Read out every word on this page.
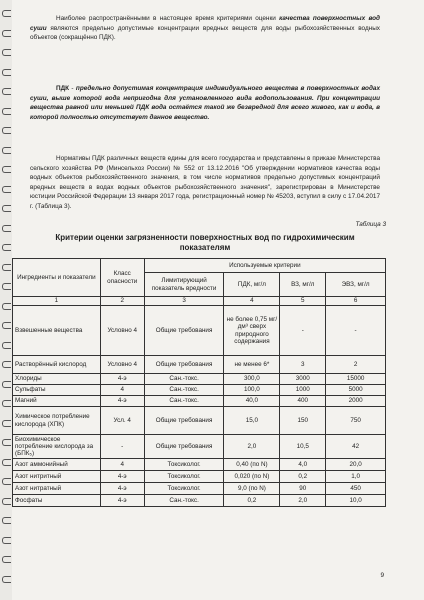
Наиболее распространёнными в настоящее время критериями оценки качества поверхностных вод суши являются предельно допустимые концентрации вредных веществ для воды рыбохозяйственных водных объектов (сокращённо ПДК).
ПДК - предельно допустимая концентрация индивидуального вещества в поверхностных водах суши, выше которой вода непригодна для установленного вида водопользования. При концентрации вещества равной или меньшей ПДК вода остаётся такой же безвредной для всего живого, как и вода, в которой полностью отсутствует данное вещество.
Нормативы ПДК различных веществ едины для всего государства и представлены в приказе Министерства сельского хозяйства РФ (Минсельхоз России) № 552 от 13.12.2016 "Об утверждении нормативов качества воды водных объектов рыбохозяйственного значения, в том числе нормативов предельно допустимых концентраций вредных веществ в водах водных объектов рыбохозяйственного значения", зарегистрирован в Министерстве юстиции Российской Федерации 13 января 2017 года, регистрационный номер № 45203, вступил в силу с 17.04.2017 г. (Таблица 3).
Таблица 3
Критерии оценки загрязненности поверхностных вод по гидрохимическим показателям
Ингредиенты и показатели	Класс опасности	Используемые критерии			
		Лимитирующий показатель вредности	ПДК, мг/л	ВЗ, мг/л	ЭВЗ, мг/л
1	2	3	4	5	6
Взвешенные вещества	Условно 4	Общие требования	не более 0,75 мг/дм³ сверх природного содержания	-	-
Растворённый кислород	Условно 4	Общие требования	не менее 6*	3	2
Хлориды	4-э	Сан.-токс.	300,0	3000	15000
Сульфаты	4	Сан.-токс.	100,0	1000	5000
Магний	4-э	Сан.-токс.	40,0	400	2000
Химическое потребление кислорода (ХПК)	Усл. 4	Общие требования	15,0	150	750
Биохимическое потребление кислорода за (БПК₅)	-	Общие требования	2,0	10,5	42
Азот аммонийный	4	Токсиколог.	0,40 (по N)	4,0	20,0
Азот нитритный	4-э	Токсиколог.	0,020 (по N)	0,2	1,0
Азот нитратный	4-э	Токсиколог.	9,0 (по N)	90	450
Фосфаты	4-э	Сан.-токс.	0,2	2,0	10,0
9
